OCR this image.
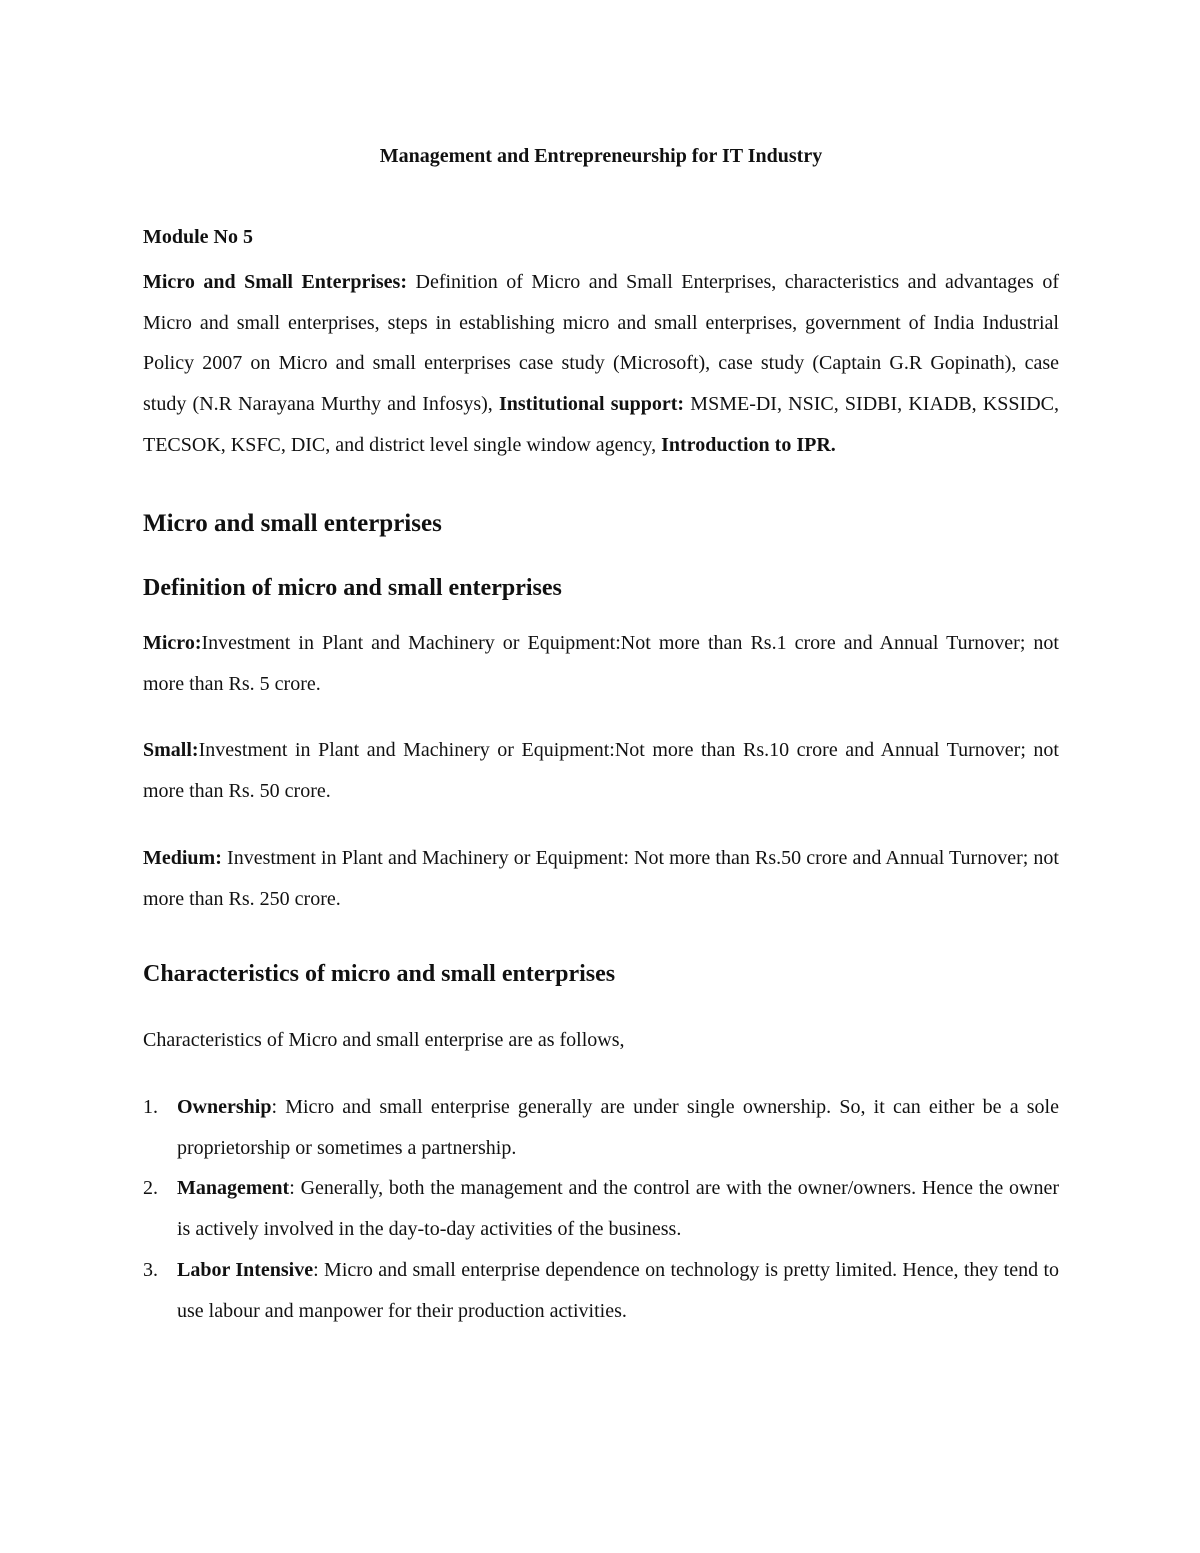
Management and Entrepreneurship for IT Industry
Module No 5
Micro and Small Enterprises: Definition of Micro and Small Enterprises, characteristics and advantages of Micro and small enterprises, steps in establishing micro and small enterprises, government of India Industrial Policy 2007 on Micro and small enterprises case study (Microsoft), case study (Captain G.R Gopinath), case study (N.R Narayana Murthy and Infosys), Institutional support: MSME-DI, NSIC, SIDBI, KIADB, KSSIDC, TECSOK, KSFC, DIC, and district level single window agency, Introduction to IPR.
Micro and small enterprises
Definition of micro and small enterprises
Micro:Investment in Plant and Machinery or Equipment:Not more than Rs.1 crore and Annual Turnover; not more than Rs. 5 crore.
Small:Investment in Plant and Machinery or Equipment:Not more than Rs.10 crore and Annual Turnover; not more than Rs. 50 crore.
Medium: Investment in Plant and Machinery or Equipment: Not more than Rs.50 crore and Annual Turnover; not more than Rs. 250 crore.
Characteristics of micro and small enterprises
Characteristics of Micro and small enterprise are as follows,
1. Ownership: Micro and small enterprise generally are under single ownership. So, it can either be a sole proprietorship or sometimes a partnership.
2. Management: Generally, both the management and the control are with the owner/owners. Hence the owner is actively involved in the day-to-day activities of the business.
3. Labor Intensive: Micro and small enterprise dependence on technology is pretty limited. Hence, they tend to use labour and manpower for their production activities.
